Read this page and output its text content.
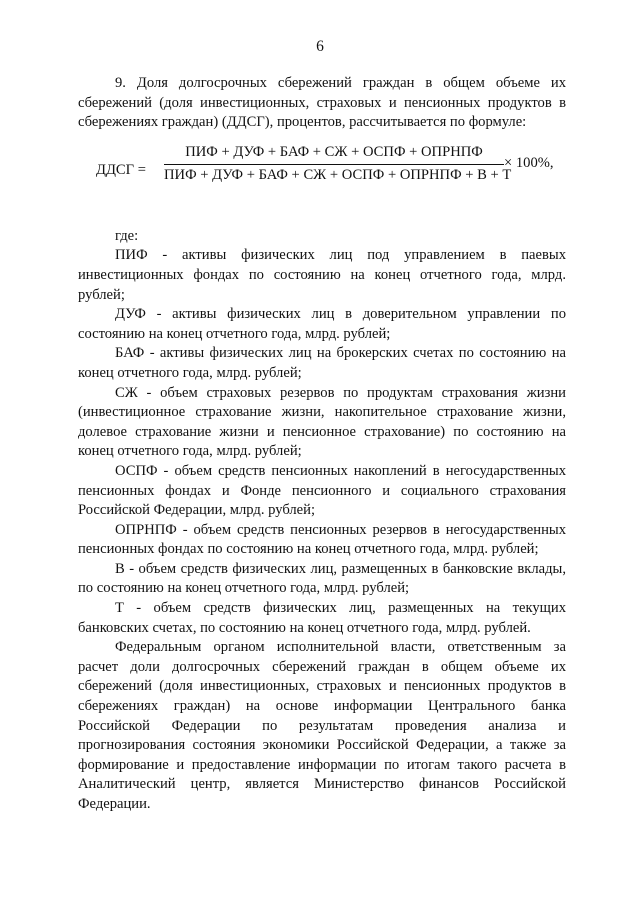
6

9. Доля долгосрочных сбережений граждан в общем объеме их сбережений (доля инвестиционных, страховых и пенсионных продуктов в сбережениях граждан) (ДДСГ), процентов, рассчитывается по формуле:

ДДСГ =
ПИФ + ДУФ + БАФ + СЖ + ОСПФ + ОПРНПФ
ПИФ + ДУФ + БАФ + СЖ + ОСПФ + ОПРНПФ + В + Т
× 100%,

где:

ПИФ - активы физических лиц под управлением в паевых инвестиционных фондах по состоянию на конец отчетного года, млрд. рублей;

ДУФ - активы физических лиц в доверительном управлении по состоянию на конец отчетного года, млрд. рублей;

БАФ - активы физических лиц на брокерских счетах по состоянию на конец отчетного года, млрд. рублей;

СЖ - объем страховых резервов по продуктам страхования жизни (инвестиционное страхование жизни, накопительное страхование жизни, долевое страхование жизни и пенсионное страхование) по состоянию на конец отчетного года, млрд. рублей;

ОСПФ - объем средств пенсионных накоплений в негосударственных пенсионных фондах и Фонде пенсионного и социального страхования Российской Федерации, млрд. рублей;

ОПРНПФ - объем средств пенсионных резервов в негосударственных пенсионных фондах по состоянию на конец отчетного года, млрд. рублей;

В - объем средств физических лиц, размещенных в банковские вклады, по состоянию на конец отчетного года, млрд. рублей;

Т - объем средств физических лиц, размещенных на текущих банковских счетах, по состоянию на конец отчетного года, млрд. рублей.

Федеральным органом исполнительной власти, ответственным за расчет доли долгосрочных сбережений граждан в общем объеме их сбережений (доля инвестиционных, страховых и пенсионных продуктов в сбережениях граждан) на основе информации Центрального банка Российской Федерации по результатам проведения анализа и прогнозирования состояния экономики Российской Федерации, а также за формирование и предоставление информации по итогам такого расчета в Аналитический центр, является Министерство финансов Российской Федерации.
